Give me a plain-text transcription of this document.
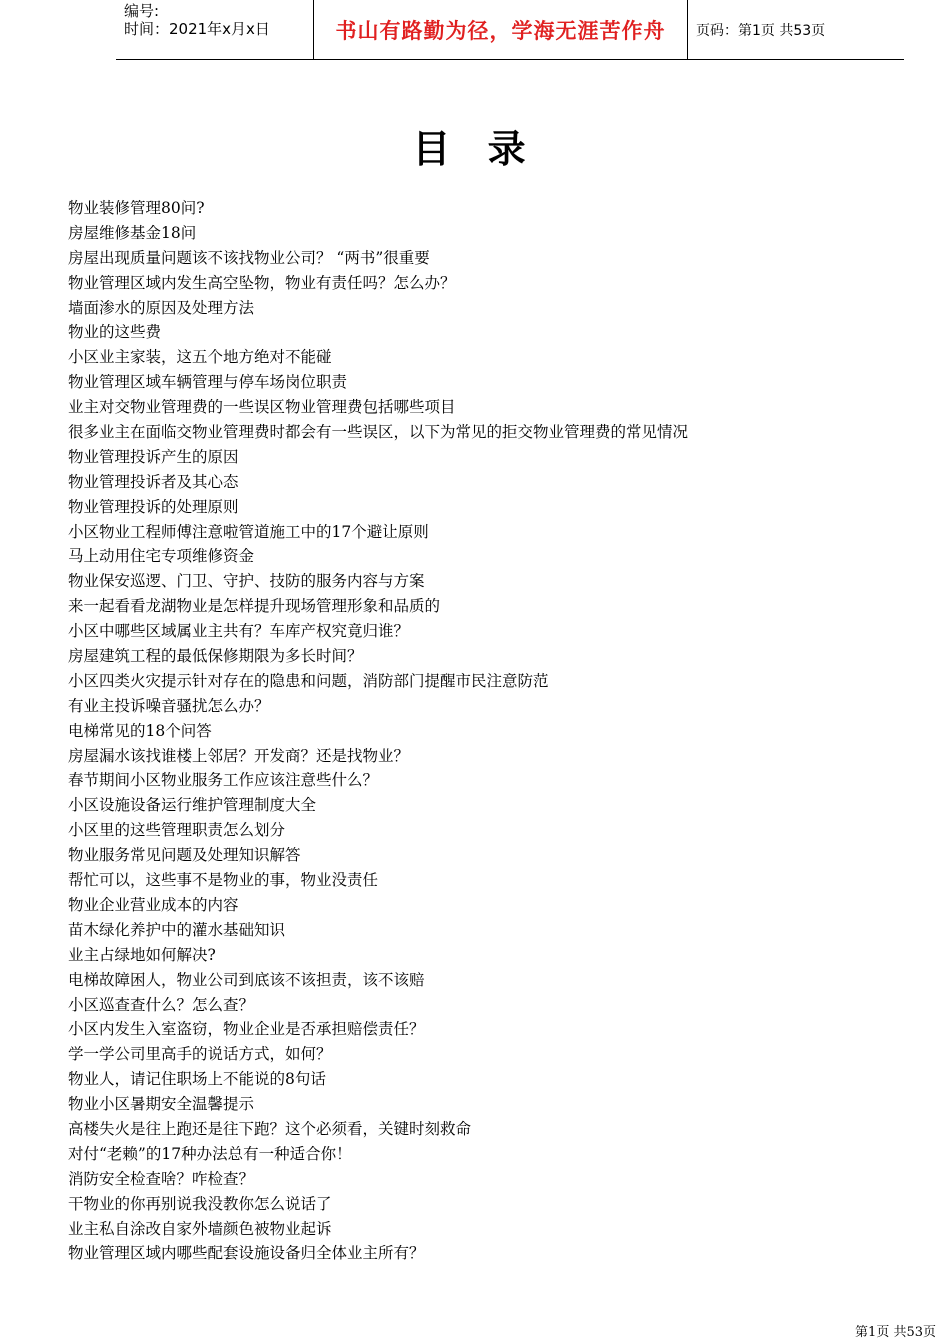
编号:
时间：2021年x月x日	书山有路勤为径，学海无涯苦作舟	页码：第1页 共53页
目 录
物业装修管理80问?
房屋维修基金18问
房屋出现质量问题该不该找物业公司？ “两书”很重要
物业管理区域内发生高空坠物，物业有责任吗？怎么办？
墙面渗水的原因及处理方法
物业的这些费
小区业主家装，这五个地方绝对不能碰
物业管理区域车辆管理与停车场岗位职责
业主对交物业管理费的一些误区物业管理费包括哪些项目
很多业主在面临交物业管理费时都会有一些误区，以下为常见的拒交物业管理费的常见情况
物业管理投诉产生的原因
物业管理投诉者及其心态
物业管理投诉的处理原则
小区物业工程师傅注意啦管道施工中的17个避让原则
马上动用住宅专项维修资金
物业保安巡逻、门卫、守护、技防的服务内容与方案
来一起看看龙湖物业是怎样提升现场管理形象和品质的
小区中哪些区域属业主共有？车库产权究竟归谁？
房屋建筑工程的最低保修期限为多长时间？
小区四类火灾提示针对存在的隐患和问题，消防部门提醒市民注意防范
有业主投诉噪音骚扰怎么办？
电梯常见的18个问答
房屋漏水该找谁楼上邻居？开发商？还是找物业？
春节期间小区物业服务工作应该注意些什么？
小区设施设备运行维护管理制度大全
小区里的这些管理职责怎么划分
物业服务常见问题及处理知识解答
帮忙可以，这些事不是物业的事，物业没责任
物业企业营业成本的内容
苗木绿化养护中的灌水基础知识
业主占绿地如何解决?
电梯故障困人，物业公司到底该不该担责，该不该赔
小区巡查查什么？怎么查？
小区内发生入室盗窃，物业企业是否承担赔偿责任？
学一学公司里高手的说话方式，如何？
物业人，请记住职场上不能说的8句话
物业小区暑期安全温馨提示
高楼失火是往上跑还是往下跑？这个必须看，关键时刻救命
对付“老赖”的17种办法总有一种适合你！
消防安全检查啥？咋检查？
干物业的你再别说我没教你怎么说话了
业主私自涂改自家外墙颜色被物业起诉
物业管理区域内哪些配套设施设备归全体业主所有？
第1页 共53页
